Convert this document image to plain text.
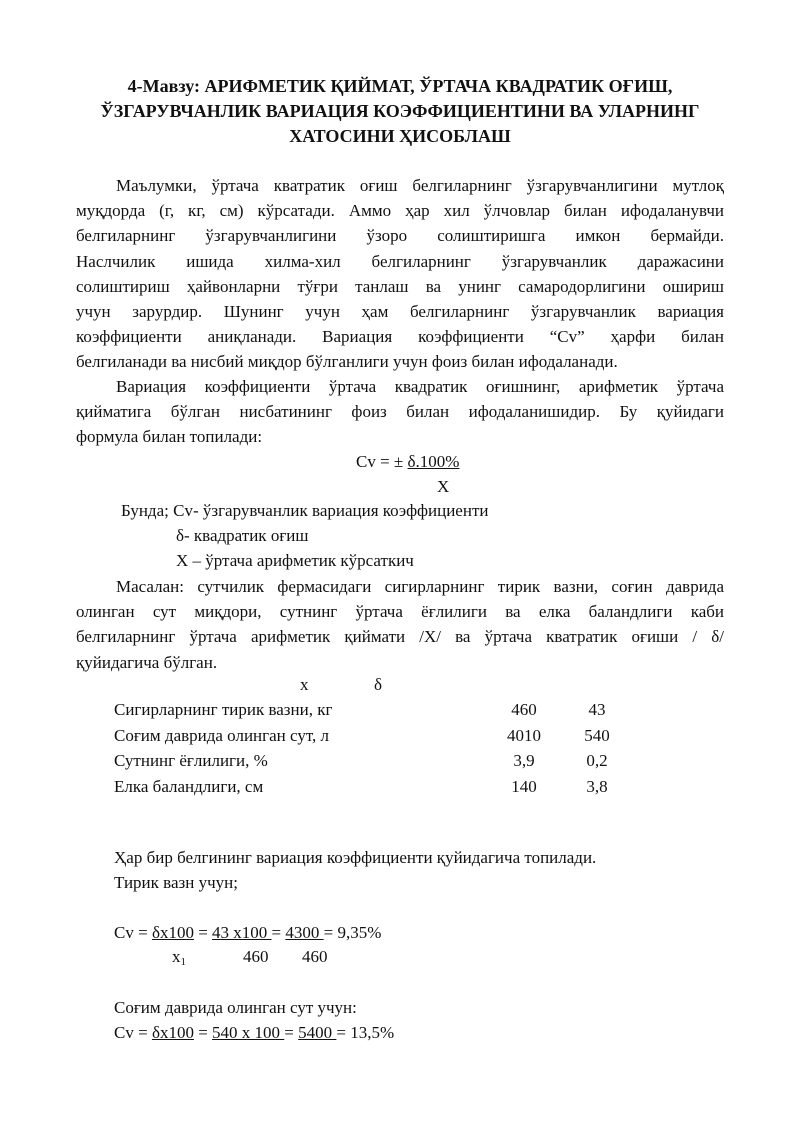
4-Мавзу: АРИФМЕТИК ҚИЙМАТ, ЎРТАЧА КВАДРАТИК ОҒИШ,
ЎЗГАРУВЧАНЛИК ВАРИАЦИЯ КОЭФФИЦИЕНТИНИ ВА УЛАРНИНГ
ХАТОСИНИ ҲИСОБЛАШ
Маълумки, ўртача кватратик оғиш белгиларнинг ўзгарувчанлигини мутлоқ
муқдорда (г, кг, см) кўрсатади. Аммо ҳар хил ўлчовлар билан ифодаланувчи
белгиларнинг ўзгарувчанлигини ўзоро солиштиришга имкон бермайди.
Наслчилик ишида хилма-хил белгиларнинг ўзгарувчанлик даражасини
солиштириш ҳайвонларни тўғри танлаш ва унинг самародорлигини ошириш
учун зарурдир. Шунинг учун ҳам белгиларнинг ўзгарувчанлик вариация
коэффициенти аниқланади. Вариация коэффициенти “Cv” ҳарфи билан
белгиланади ва нисбий миқдор бўлганлиги учун фоиз билан ифодаланади.
Вариация коэффициенти ўртача квадратик оғишнинг, арифметик ўртача
қийматига бўлган нисбатининг фоиз билан ифодаланишидир. Бу қуйидаги
формула билан топилади:
Cv = ± δ.100%
X
Бунда; Cv- ўзгарувчанлик вариация коэффициенти
δ- квадратик оғиш
X – ўртача арифметик кўрсаткич
Масалан: сутчилик фермасидаги сигирларнинг тирик вазни, соғин даврида
олинган сут миқдори, сутнинг ўртача ёғлилиги ва елка баландлиги каби
белгиларнинг ўртача арифметик қиймати /X/ ва ўртача кватратик оғиши / δ/
қуйидагича бўлган.
x	δ
Сигирларнинг тирик вазни, кг	460	43
Соғим даврида олинган сут, л	4010	540
Сутнинг ёғлилиги, %	3,9	0,2
Елка баландлиги, см	140	3,8
Ҳар бир белгининг вариация коэффициенти қуйидагича топилади.
Тирик вазн учун;
Cv = δх100 = 43 х100 = 4300 = 9,35%
$х_1$	460 460
Соғим даврида олинган сут учун:
Cv = δх100 = 540 х 100 = 5400 = 13,5%
